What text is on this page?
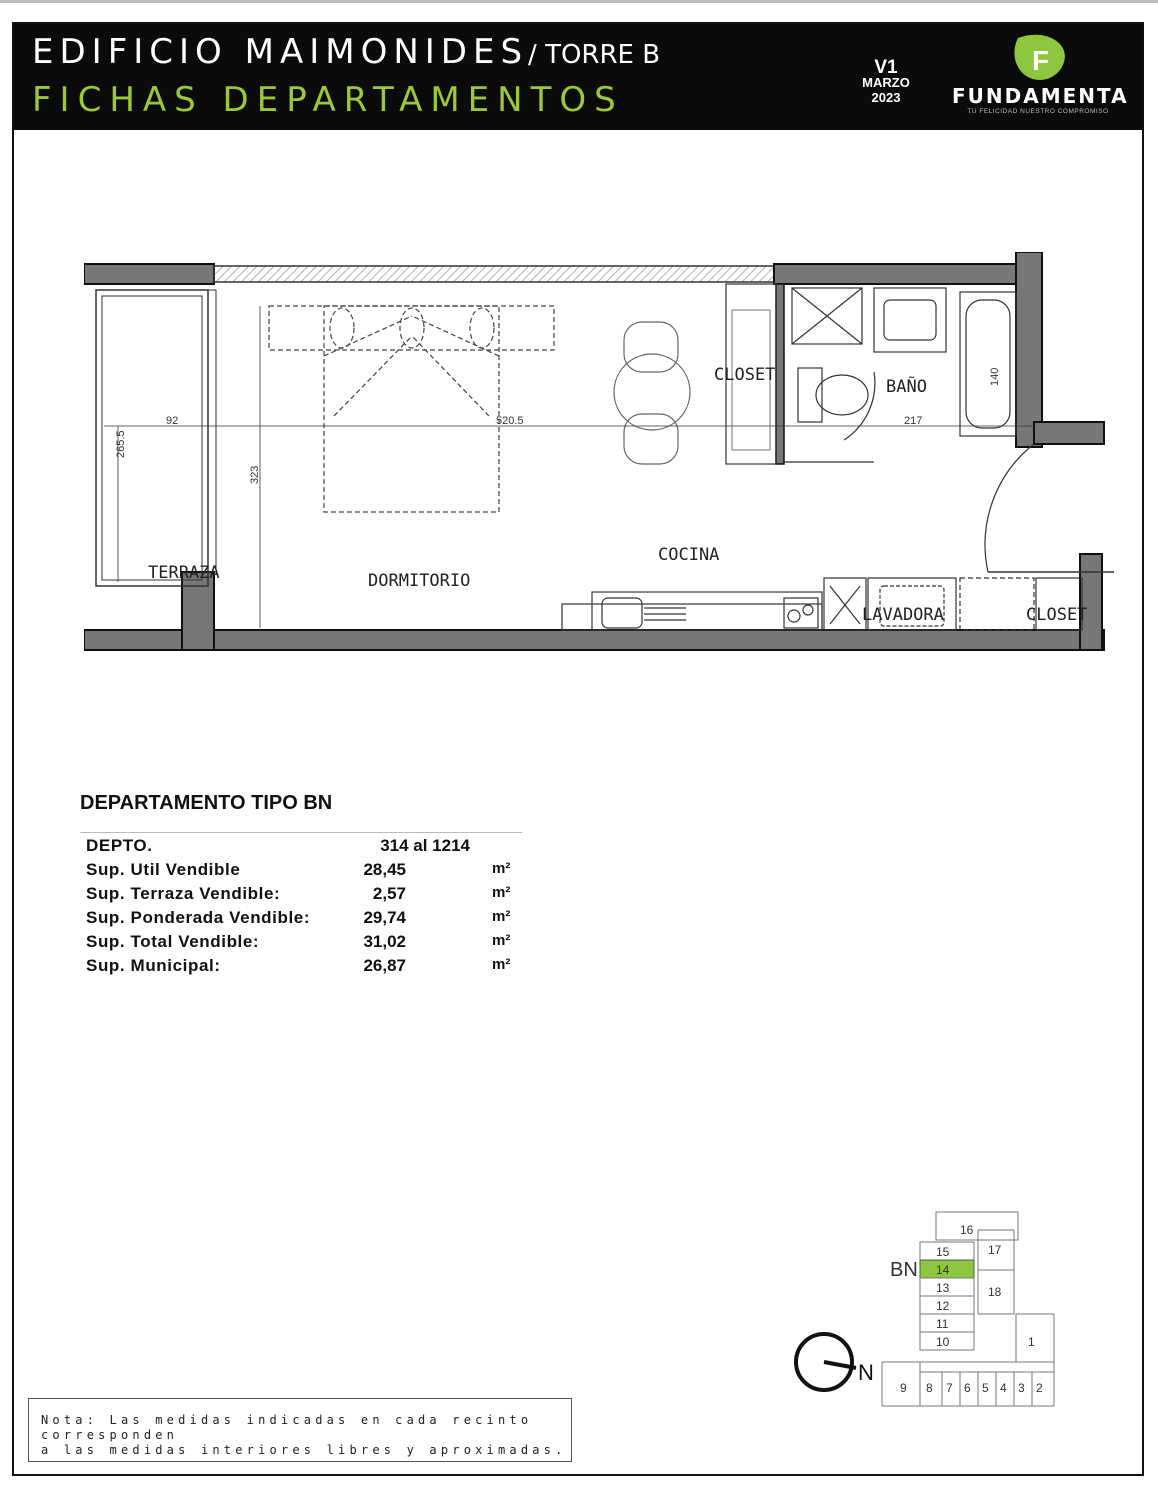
EDIFICIO MAIMONIDES/ TORRE B
FICHAS DEPARTAMENTOS
V1
MARZO
2023
F
FUNDAMENTA
TU FELICIDAD NUESTRO COMPROMISO
92
265.5
323
520.5	217
140
CLOSET
BAÑO
COCINA
DORMITORIO
TERRAZA
LAVADORA	CLOSET
DEPARTAMENTO TIPO BN
DEPTO.	314 al 1214
Sup. Util Vendible	28,45	m²
Sup. Terraza Vendible:	2,57	m²
Sup. Ponderada Vendible:	29,74	m²
Sup. Total Vendible:	31,02	m²
Sup. Municipal:	26,87	m²
16
17
18
1
15
14
13
12
11
10
9 8 7 6 5 4 3 2
BN
N
Nota: Las medidas indicadas en cada recinto corresponden
a las medidas interiores libres y aproximadas.
